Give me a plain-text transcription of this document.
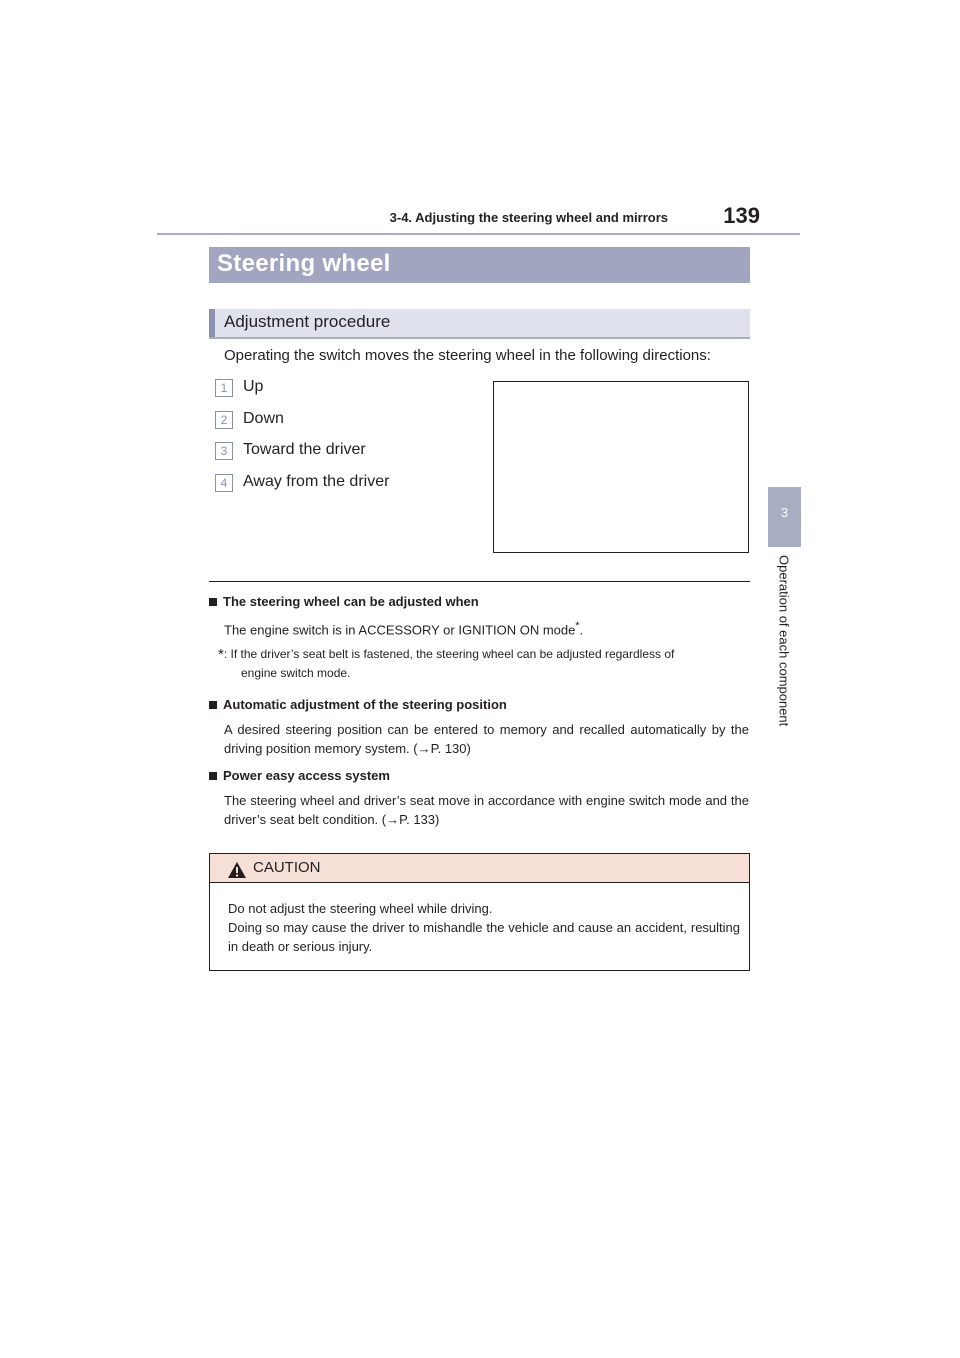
3-4. Adjusting the steering wheel and mirrors	139
3
Operation of each component
Steering wheel
Adjustment procedure
Operating the switch moves the steering wheel in the following directions:
1 Up
2 Down
3 Toward the driver
4 Away from the driver
The steering wheel can be adjusted when
The engine switch is in ACCESSORY or IGNITION ON mode*.
*: If the driver’s seat belt is fastened, the steering wheel can be adjusted regardless of
engine switch mode.
Automatic adjustment of the steering position
A desired steering position can be entered to memory and recalled automatically by the driving position memory system. (→P. 130)
Power easy access system
The steering wheel and driver’s seat move in accordance with engine switch mode and the driver’s seat belt condition. (→P. 133)
CAUTION
Do not adjust the steering wheel while driving.
Doing so may cause the driver to mishandle the vehicle and cause an accident, resulting in death or serious injury.
